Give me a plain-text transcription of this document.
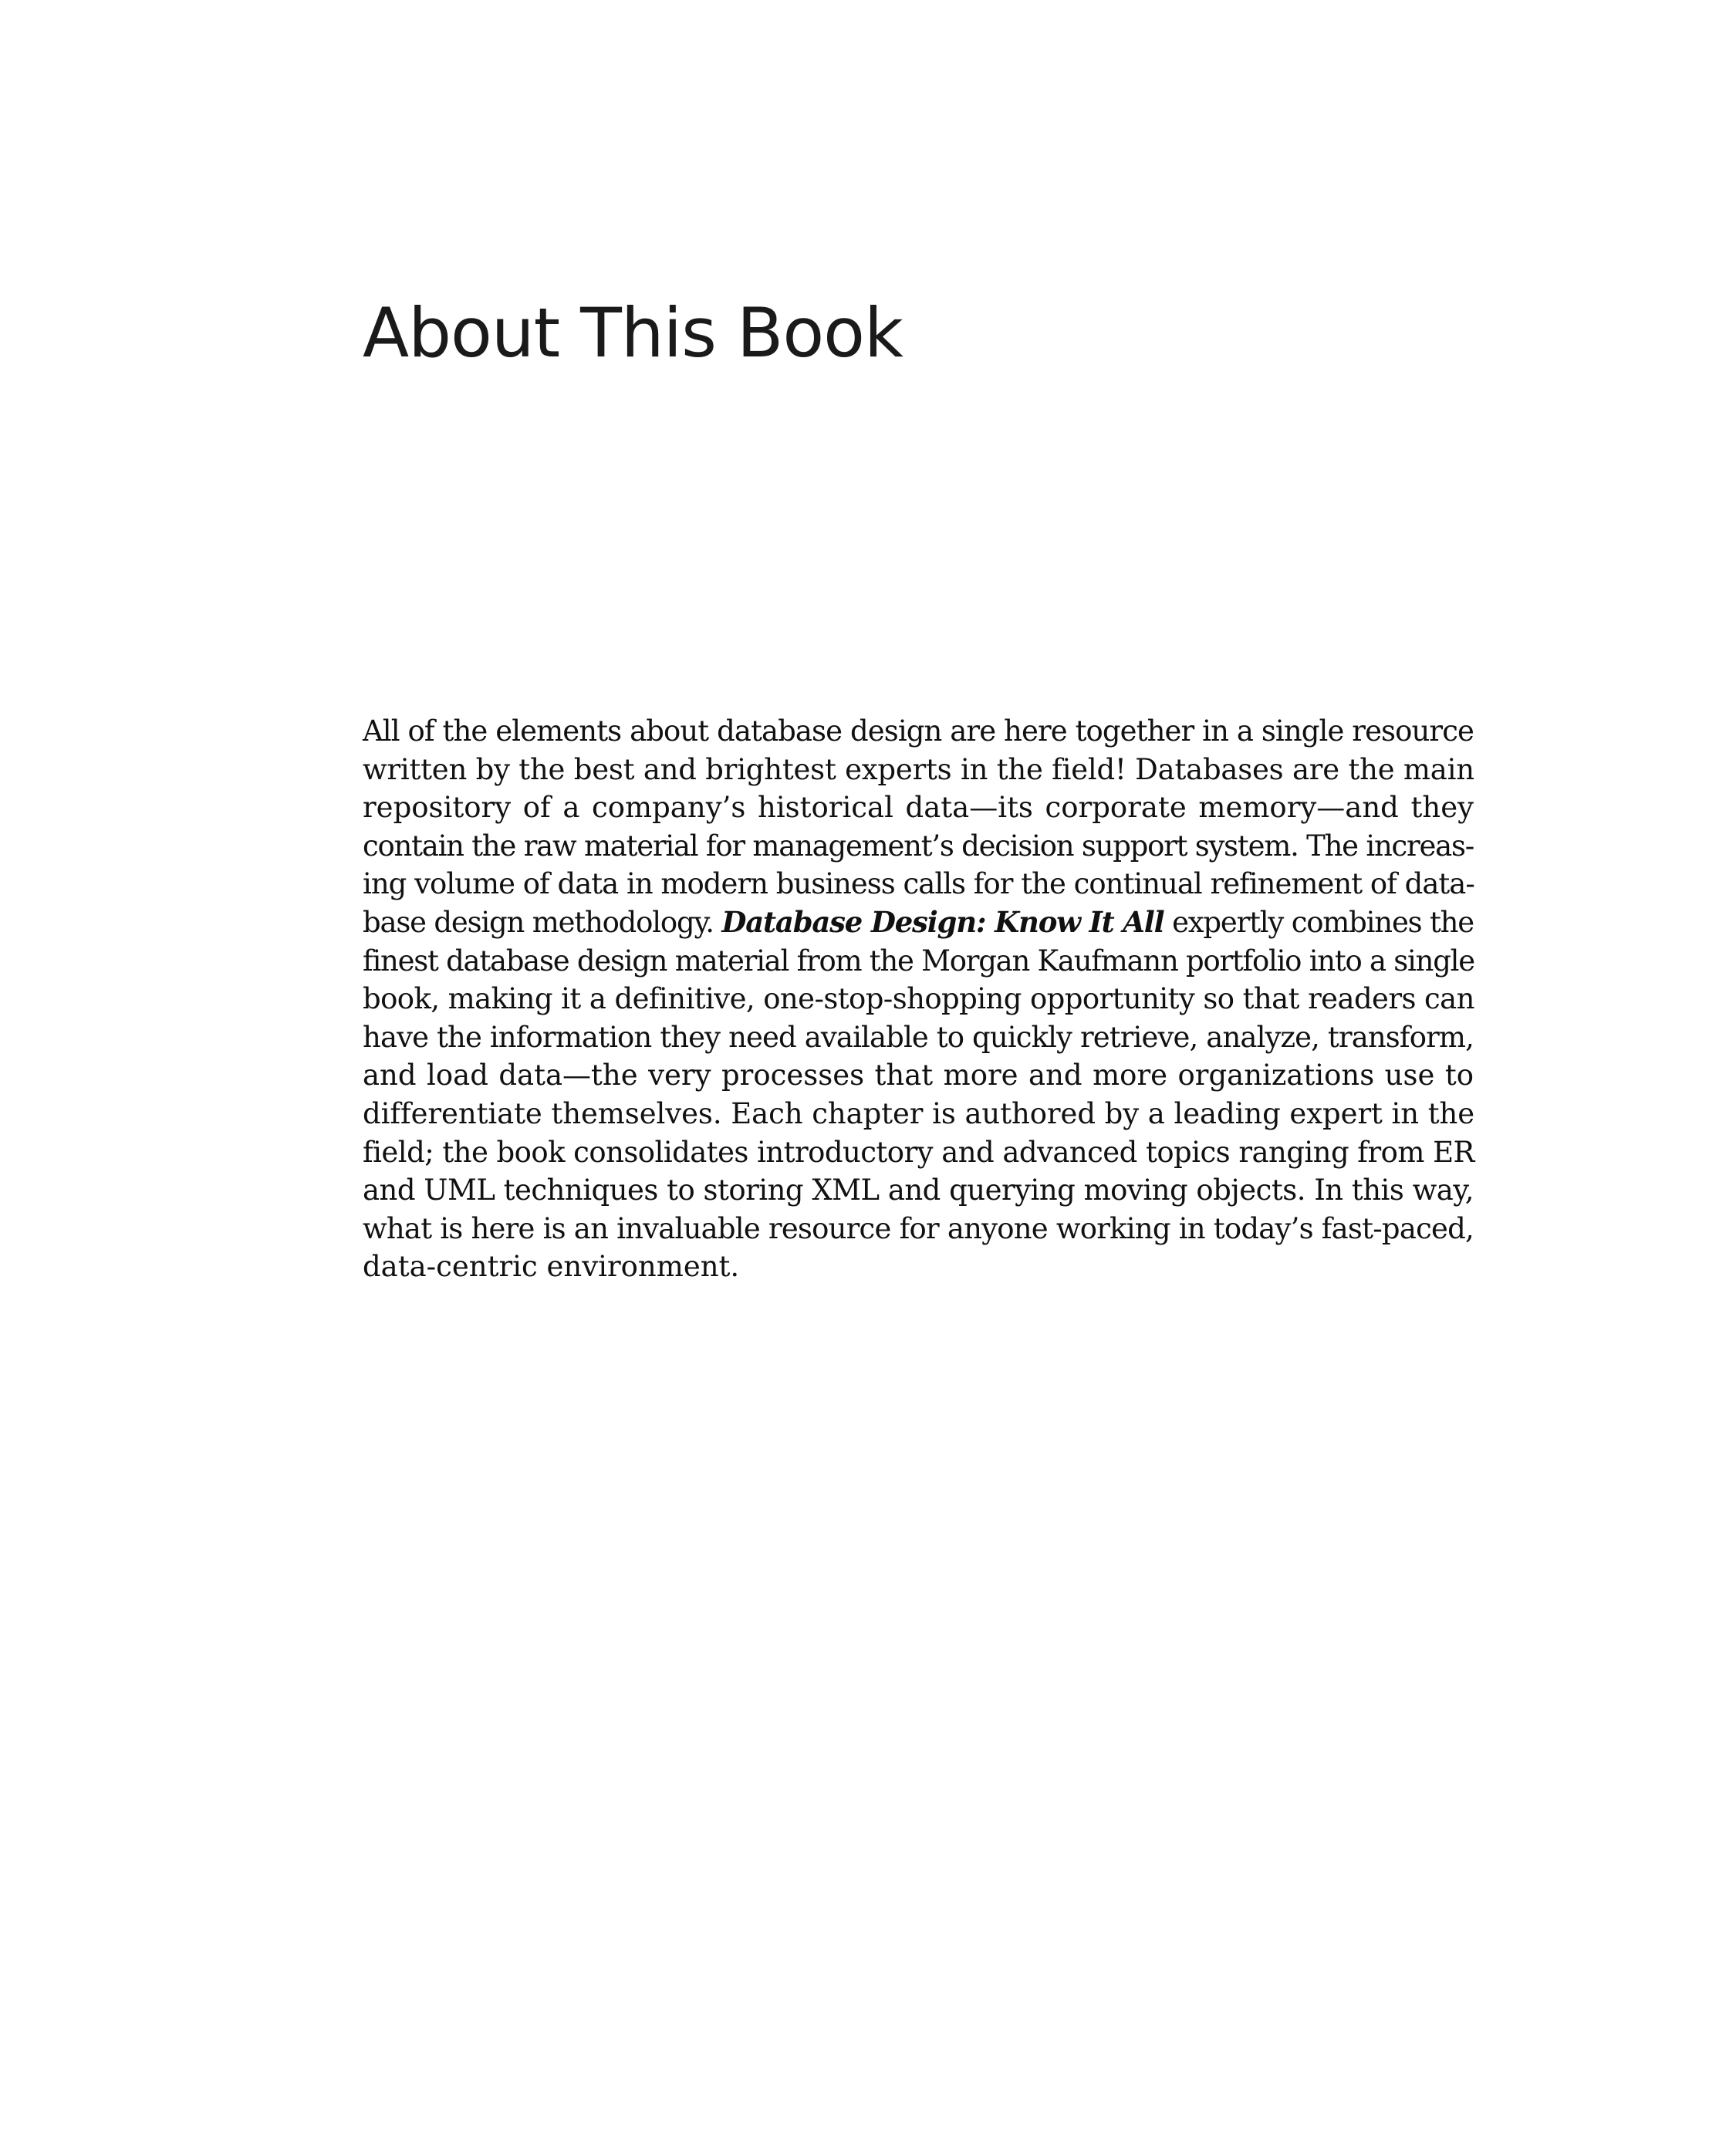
About This Book
All of the elements about database design are here together in a single resource
written by the best and brightest experts in the field! Databases are the main
repository of a company’s historical data—its corporate memory—and they
contain the raw material for management’s decision support system. The increas-
ing volume of data in modern business calls for the continual refinement of data-
base design methodology. Database Design: Know It All expertly combines the
finest database design material from the Morgan Kaufmann portfolio into a single
book, making it a definitive, one-stop-shopping opportunity so that readers can
have the information they need available to quickly retrieve, analyze, transform,
and load data—the very processes that more and more organizations use to
differentiate themselves. Each chapter is authored by a leading expert in the
field; the book consolidates introductory and advanced topics ranging from ER
and UML techniques to storing XML and querying moving objects. In this way,
what is here is an invaluable resource for anyone working in today’s fast-paced,
data-centric environment.
